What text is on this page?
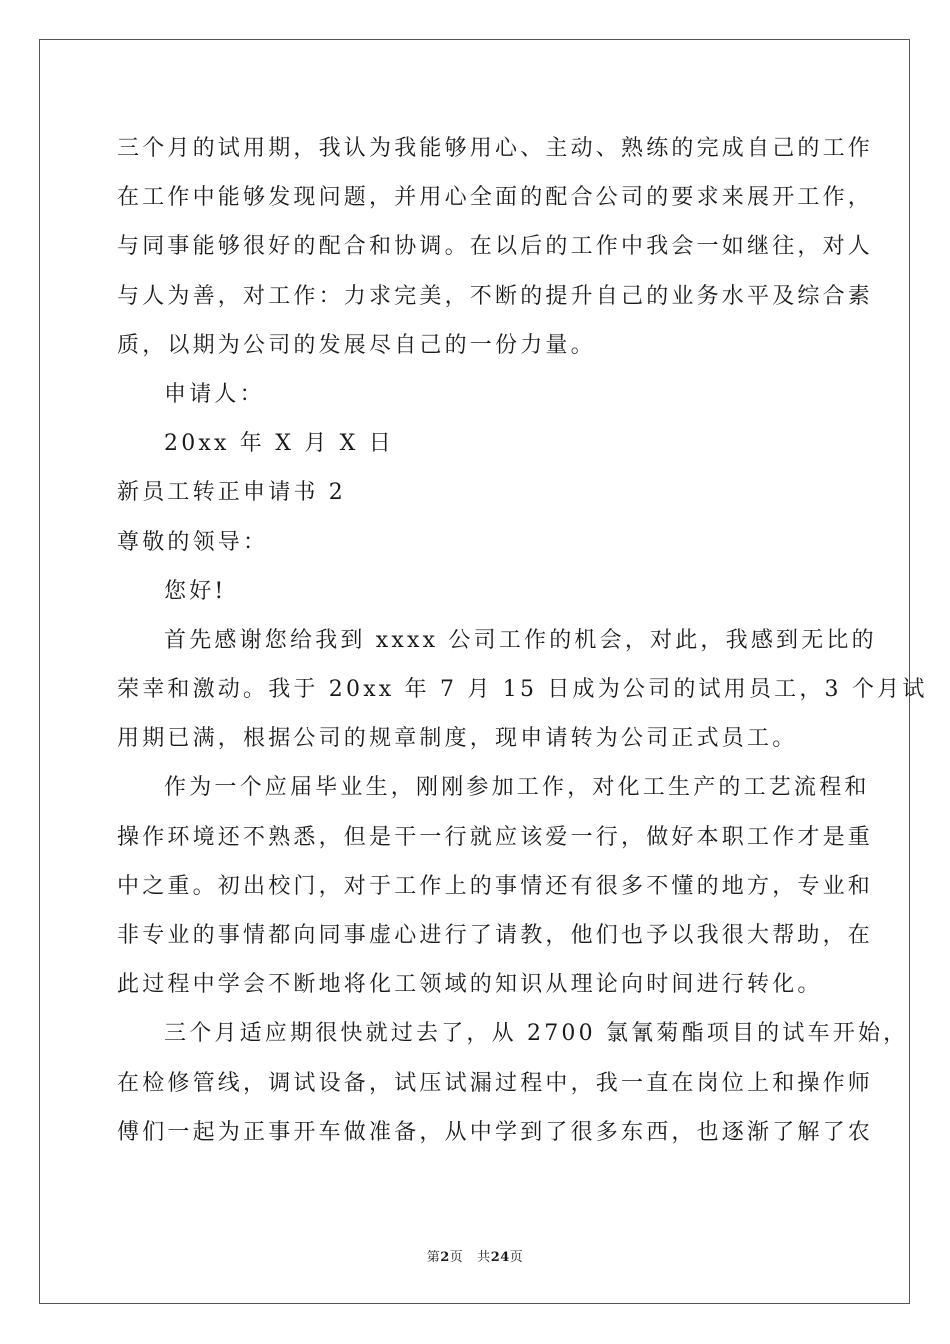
三个月的试用期，我认为我能够用心、主动、熟练的完成自己的工作
在工作中能够发现问题，并用心全面的配合公司的要求来展开工作，
与同事能够很好的配合和协调。在以后的工作中我会一如继往，对人
与人为善，对工作：力求完美，不断的提升自己的业务水平及综合素
质，以期为公司的发展尽自己的一份力量。
申请人：
20xx 年 X 月 X 日
新员工转正申请书 2
尊敬的领导：
您好!
首先感谢您给我到 xxxx 公司工作的机会，对此，我感到无比的
荣幸和激动。我于 20xx 年 7 月 15 日成为公司的试用员工，3 个月试
用期已满，根据公司的规章制度，现申请转为公司正式员工。
作为一个应届毕业生，刚刚参加工作，对化工生产的工艺流程和
操作环境还不熟悉，但是干一行就应该爱一行，做好本职工作才是重
中之重。初出校门，对于工作上的事情还有很多不懂的地方，专业和
非专业的事情都向同事虚心进行了请教，他们也予以我很大帮助，在
此过程中学会不断地将化工领域的知识从理论向时间进行转化。
三个月适应期很快就过去了，从 2700 氯氰菊酯项目的试车开始，
在检修管线，调试设备，试压试漏过程中，我一直在岗位上和操作师
傅们一起为正事开车做准备，从中学到了很多东西，也逐渐了解了农
第2页 共24页
